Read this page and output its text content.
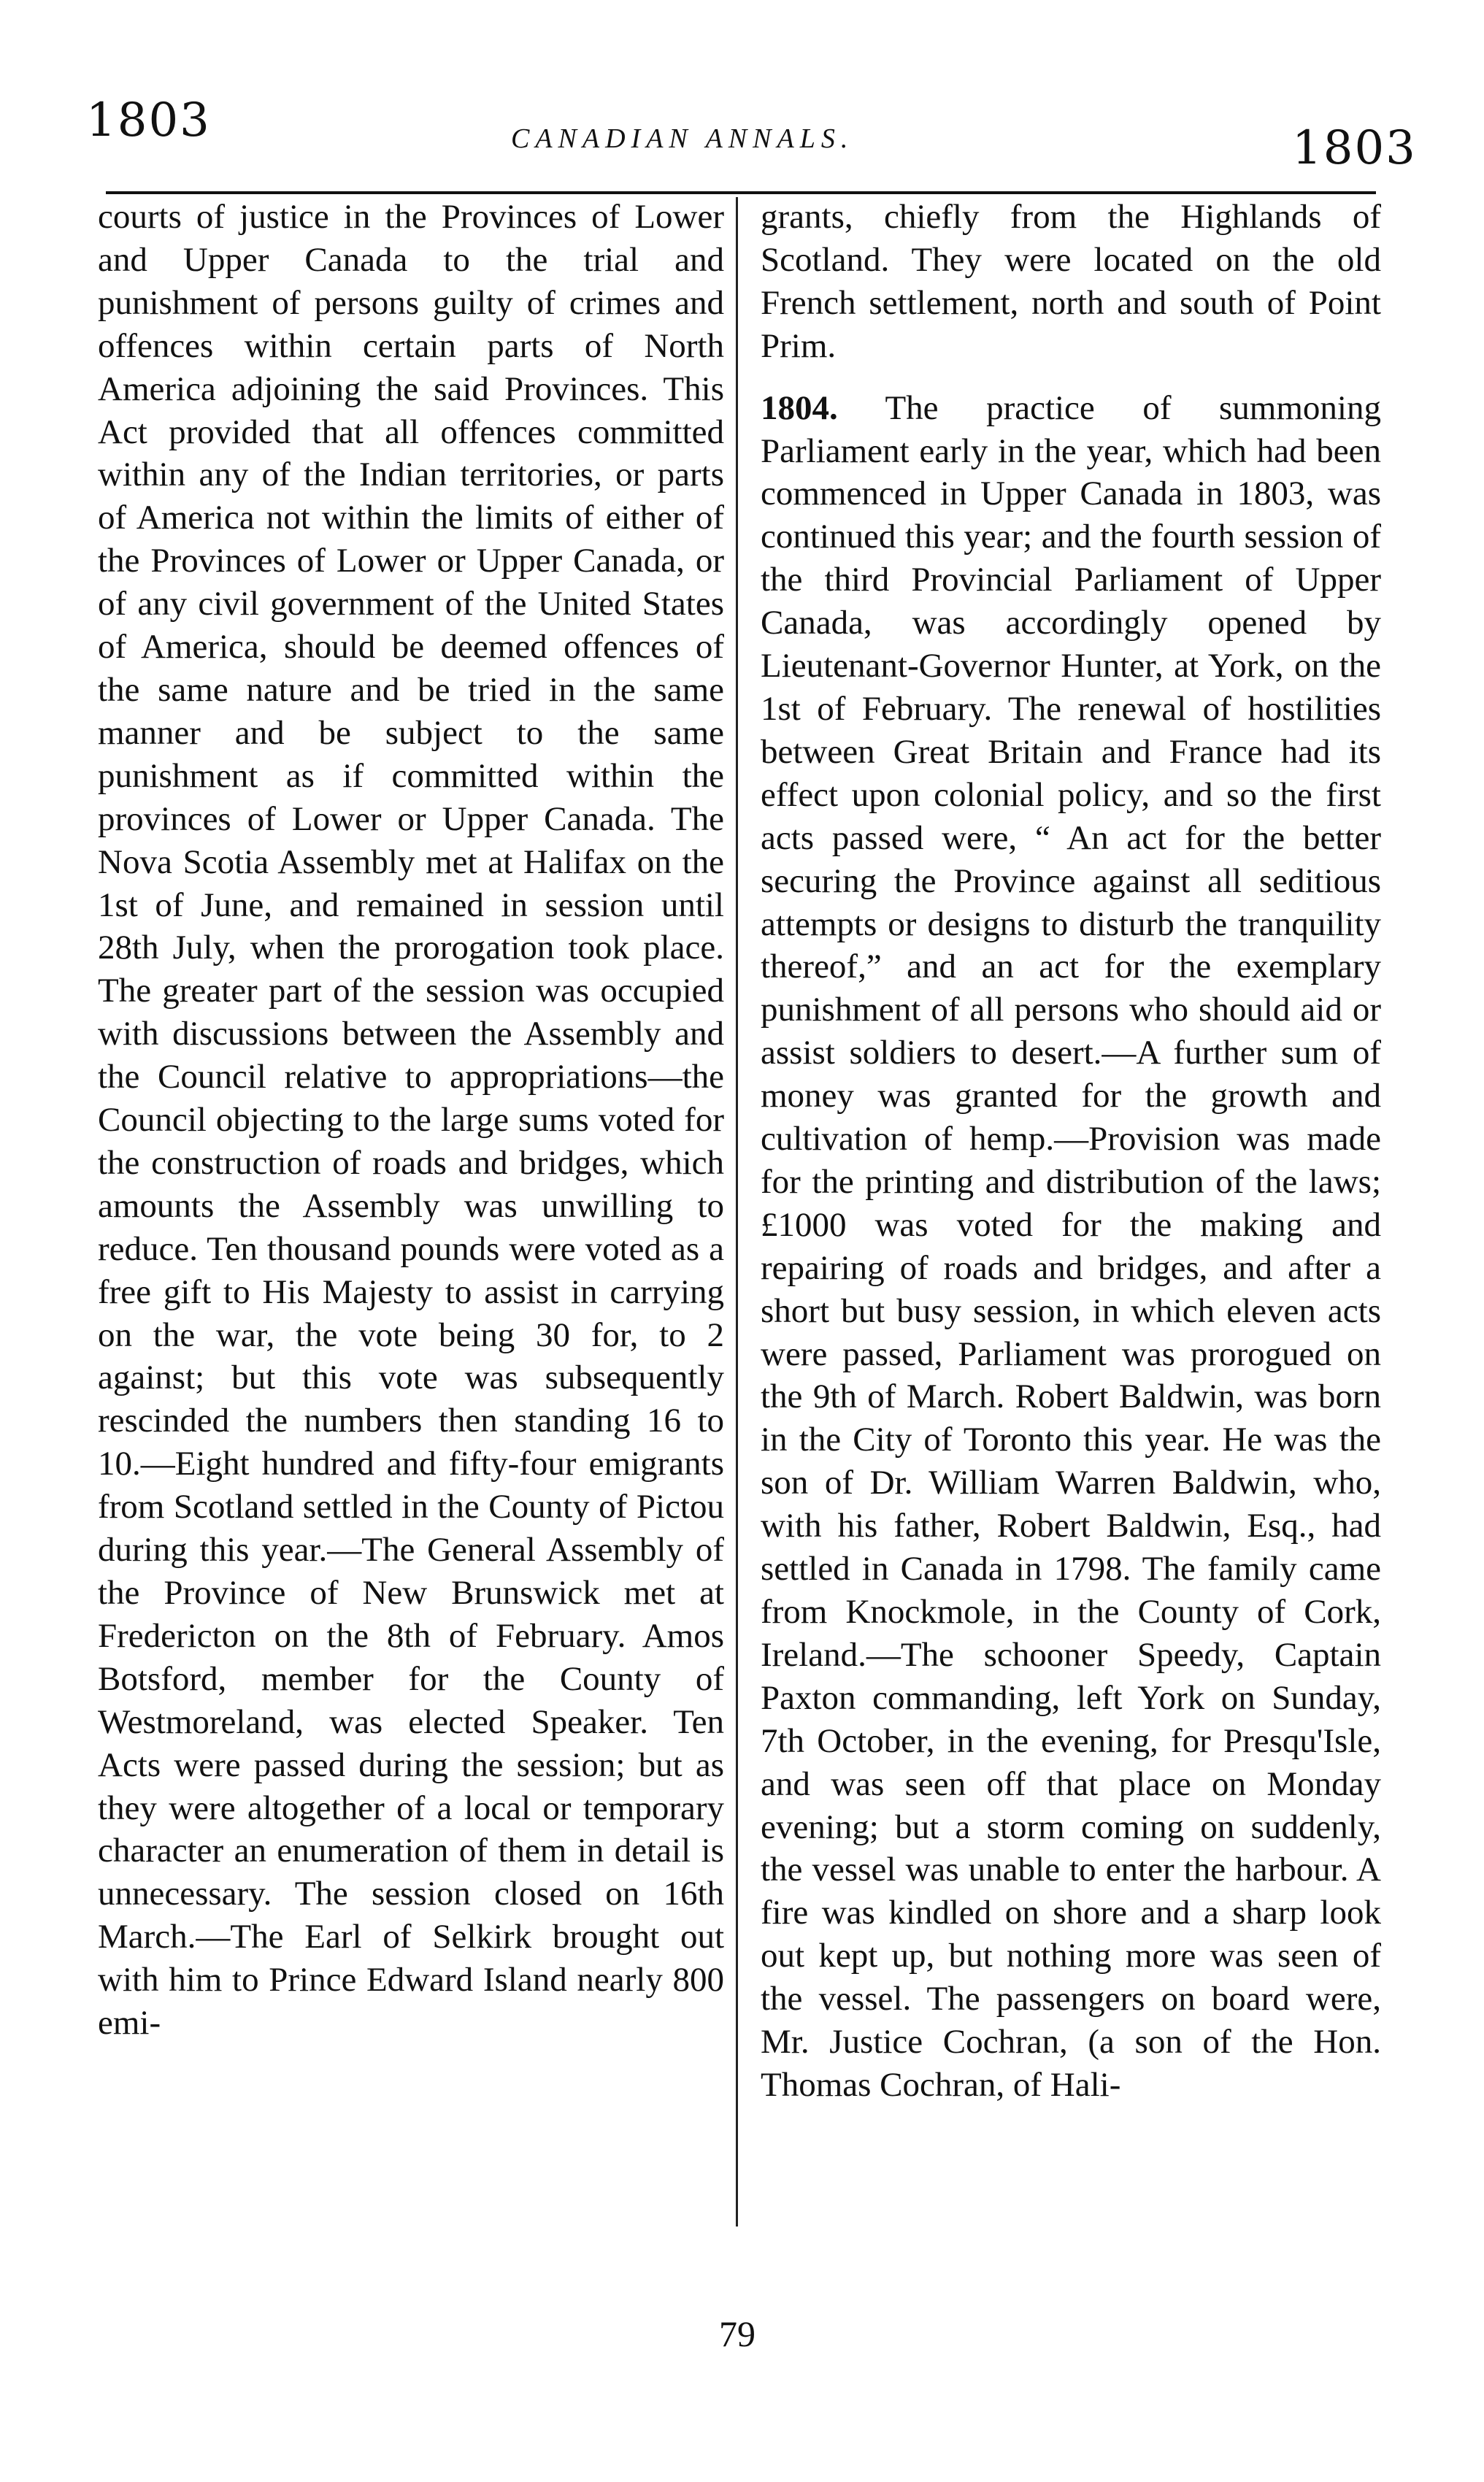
1803	CANADIAN ANNALS.	1803

courts of justice in the Provinces of Lower and Upper Canada to the trial and punishment of persons guilty of crimes and offences within certain parts of North America adjoining the said Provinces. This Act provided that all offences committed within any of the Indian territories, or parts of America not within the limits of either of the Provinces of Lower or Upper Canada, or of any civil government of the United States of America, should be deemed offences of the same nature and be tried in the same manner and be subject to the same punishment as if committed within the provinces of Lower or Upper Canada. The Nova Scotia Assembly met at Halifax on the 1st of June, and remained in session until 28th July, when the prorogation took place. The greater part of the session was occupied with discussions between the Assembly and the Council relative to appropriations—the Council objecting to the large sums voted for the construction of roads and bridges, which amounts the Assembly was unwilling to reduce. Ten thousand pounds were voted as a free gift to His Majesty to assist in carrying on the war, the vote being 30 for, to 2 against; but this vote was subsequently rescinded the numbers then standing 16 to 10.—Eight hundred and fifty-four emigrants from Scotland settled in the County of Pictou during this year.—The General Assembly of the Province of New Brunswick met at Fredericton on the 8th of February. Amos Botsford, member for the County of Westmoreland, was elected Speaker. Ten Acts were passed during the session; but as they were altogether of a local or temporary character an enumeration of them in detail is unnecessary. The session closed on 16th March.—The Earl of Selkirk brought out with him to Prince Edward Island nearly 800 emi-

grants, chiefly from the Highlands of Scotland. They were located on the old French settlement, north and south of Point Prim.

1804. The practice of summoning Parliament early in the year, which had been commenced in Upper Canada in 1803, was continued this year; and the fourth session of the third Provincial Parliament of Upper Canada, was accordingly opened by Lieutenant-Governor Hunter, at York, on the 1st of February. The renewal of hostilities between Great Britain and France had its effect upon colonial policy, and so the first acts passed were, “ An act for the better securing the Province against all seditious attempts or designs to disturb the tranquility thereof,” and an act for the exemplary punishment of all persons who should aid or assist soldiers to desert.—A further sum of money was granted for the growth and cultivation of hemp.—Provision was made for the printing and distribution of the laws; £1000 was voted for the making and repairing of roads and bridges, and after a short but busy session, in which eleven acts were passed, Parliament was prorogued on the 9th of March. Robert Baldwin, was born in the City of Toronto this year. He was the son of Dr. William Warren Baldwin, who, with his father, Robert Baldwin, Esq., had settled in Canada in 1798. The family came from Knockmole, in the County of Cork, Ireland.—The schooner Speedy, Captain Paxton commanding, left York on Sunday, 7th October, in the evening, for Presqu'Isle, and was seen off that place on Monday evening; but a storm coming on suddenly, the vessel was unable to enter the harbour. A fire was kindled on shore and a sharp look out kept up, but nothing more was seen of the vessel. The passengers on board were, Mr. Justice Cochran, (a son of the Hon. Thomas Cochran, of Hali-

79
